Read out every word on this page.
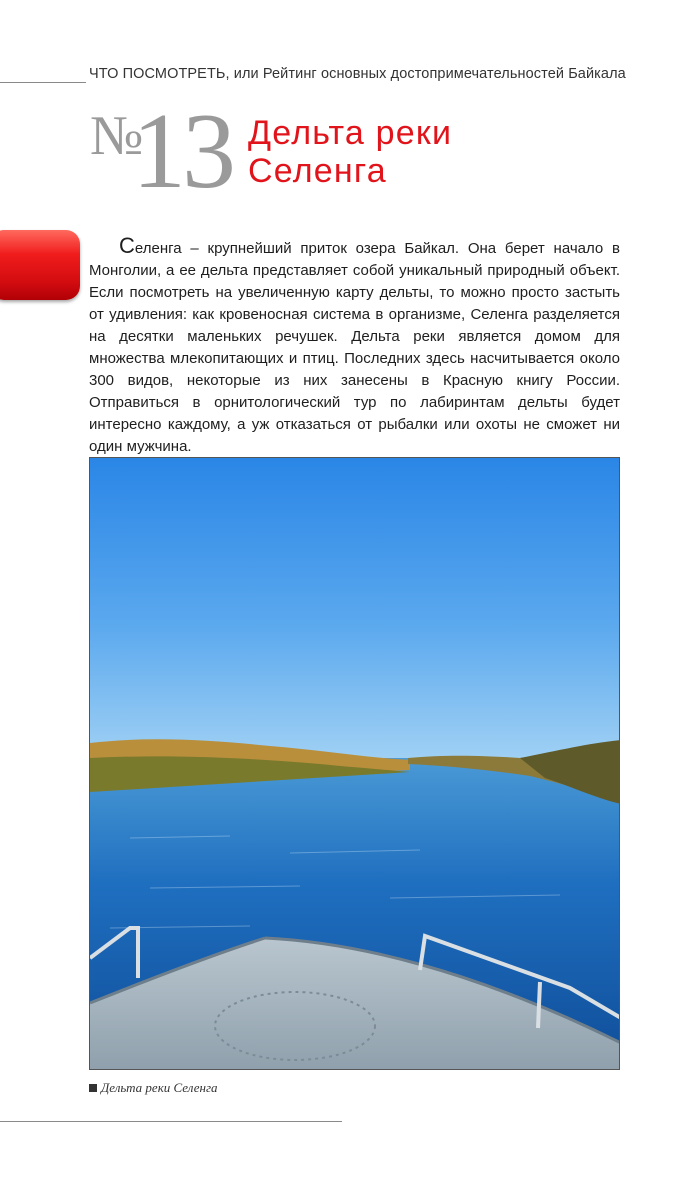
ЧТО ПОСМОТРЕТЬ, или Рейтинг основных достопримечательностей Байкала
№
13 Дельта реки
Селенга

Селенга – крупнейший приток озера Байкал. Она берет начало в Монголии, а ее дельта представляет собой уникальный природный объект. Если посмотреть на увеличенную карту дельты, то можно просто застыть от удивления: как кровеносная система в организме, Селенга разделяется на десятки маленьких речушек. Дельта реки является домом для множества млекопитающих и птиц. Последних здесь насчитывается около 300 видов, некоторые из них занесены в Красную книгу России. Отправиться в орнитологический тур по лабиринтам дельты будет интересно каждому, а уж отказаться от рыбалки или охоты не сможет ни один мужчина.

Дельта реки Селенга
